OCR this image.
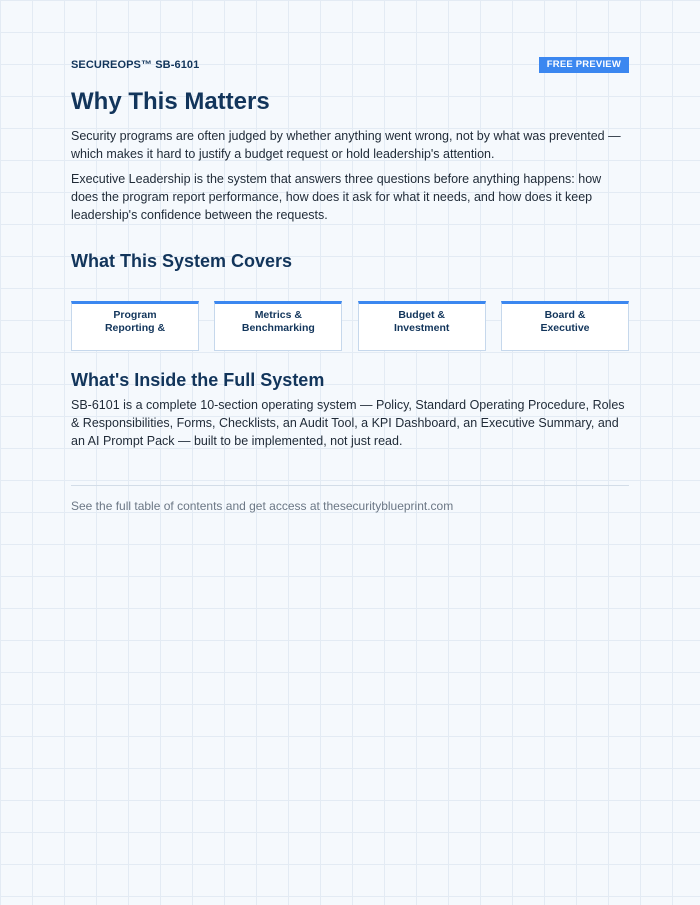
SECUREOPS™ SB-6101	FREE PREVIEW
Why This Matters

Security programs are often judged by whether anything went wrong, not by what was prevented — which makes it hard to justify a budget request or hold leadership's attention.

Executive Leadership is the system that answers three questions before anything happens: how does the program report performance, how does it ask for what it needs, and how does it keep leadership's confidence between the requests.

What This System Covers
Program
Reporting &
Metrics &
Benchmarking
Budget &
Investment
Board &
Executive
What's Inside the Full System

SB-6101 is a complete 10-section operating system — Policy, Standard Operating Procedure, Roles & Responsibilities, Forms, Checklists, an Audit Tool, a KPI Dashboard, an Executive Summary, and an AI Prompt Pack — built to be implemented, not just read.

See the full table of contents and get access at thesecurityblueprint.com
